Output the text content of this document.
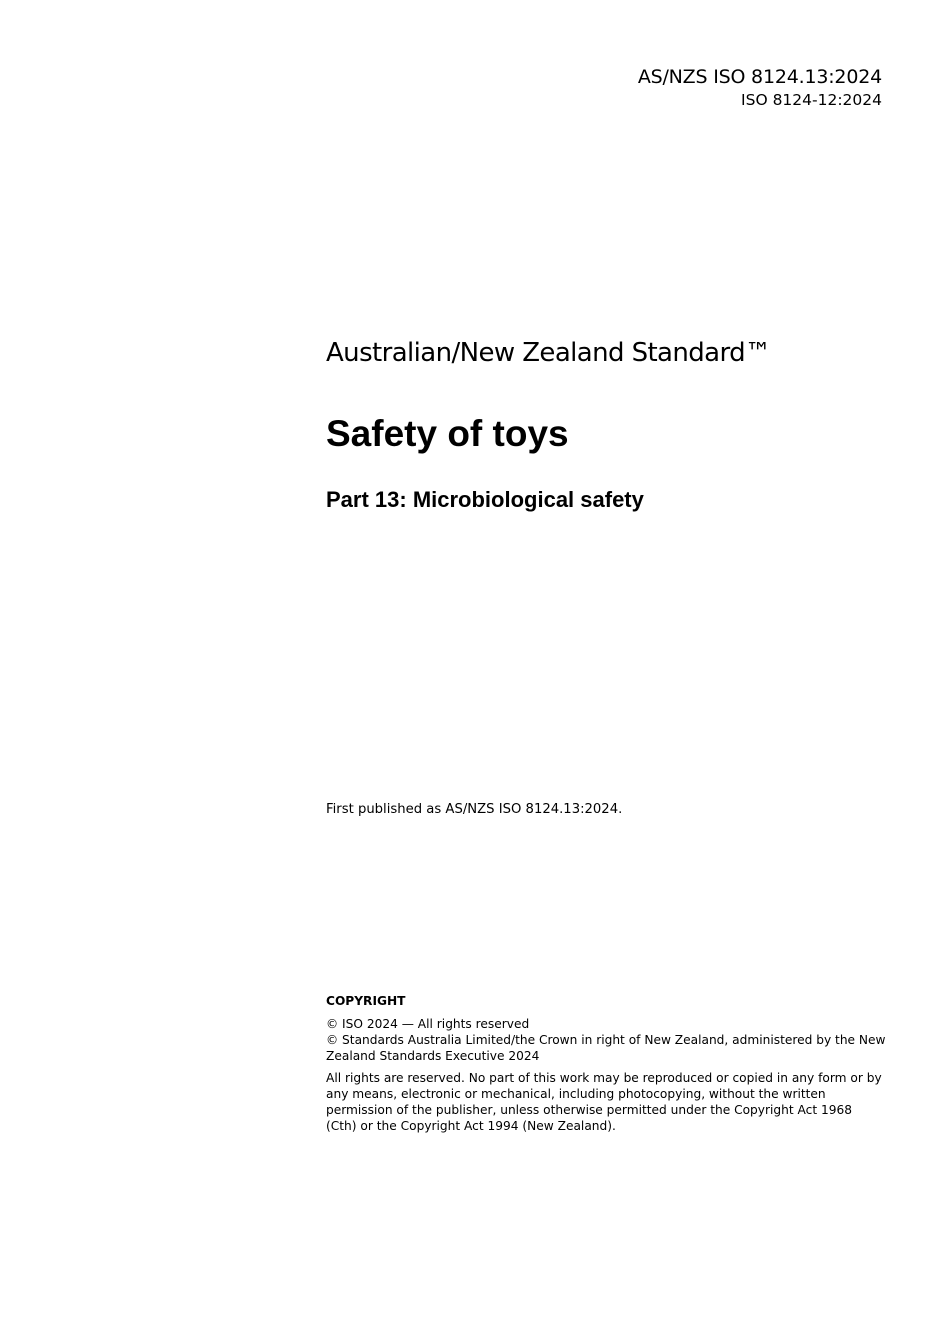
AS/NZS ISO 8124.13:2024
ISO 8124-12:2024

Australian/New Zealand Standard™

Safety of toys
Part 13: Microbiological safety
First published as AS/NZS ISO 8124.13:2024.

COPYRIGHT

© ISO 2024 — All rights reserved

© Standards Australia Limited/the Crown in right of New Zealand, administered by the New Zealand Standards Executive 2024

All rights are reserved. No part of this work may be reproduced or copied in any form or by any means, electronic or mechanical, including photocopying, without the written permission of the publisher, unless otherwise permitted under the Copyright Act 1968 (Cth) or the Copyright Act 1994 (New Zealand).
